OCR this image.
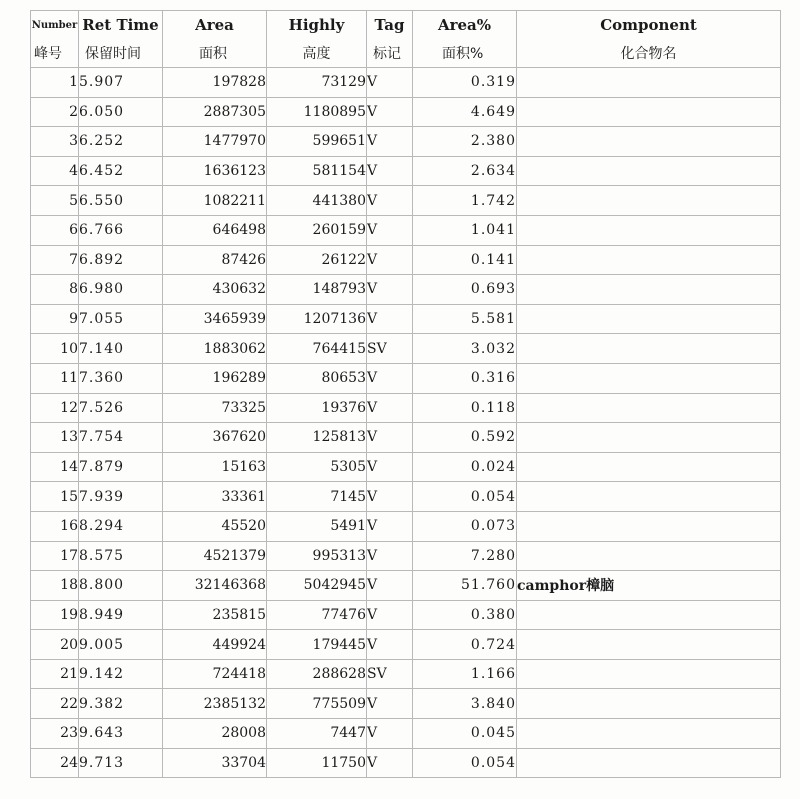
Number	Ret Time	Area	Highly	Tag	Area%	Component
峰号	保留时间	面积	高度	标记	面积%	化合物名
1	5.907	197828	73129	V	0.319	
2	6.050	2887305	1180895	V	4.649	
3	6.252	1477970	599651	V	2.380	
4	6.452	1636123	581154	V	2.634	
5	6.550	1082211	441380	V	1.742	
6	6.766	646498	260159	V	1.041	
7	6.892	87426	26122	V	0.141	
8	6.980	430632	148793	V	0.693	
9	7.055	3465939	1207136	V	5.581	
10	7.140	1883062	764415	SV	3.032	
11	7.360	196289	80653	V	0.316	
12	7.526	73325	19376	V	0.118	
13	7.754	367620	125813	V	0.592	
14	7.879	15163	5305	V	0.024	
15	7.939	33361	7145	V	0.054	
16	8.294	45520	5491	V	0.073	
17	8.575	4521379	995313	V	7.280	
18	8.800	32146368	5042945	V	51.760	camphor樟脑
19	8.949	235815	77476	V	0.380	
20	9.005	449924	179445	V	0.724	
21	9.142	724418	288628	SV	1.166	
22	9.382	2385132	775509	V	3.840	
23	9.643	28008	7447	V	0.045	
24	9.713	33704	11750	V	0.054	
